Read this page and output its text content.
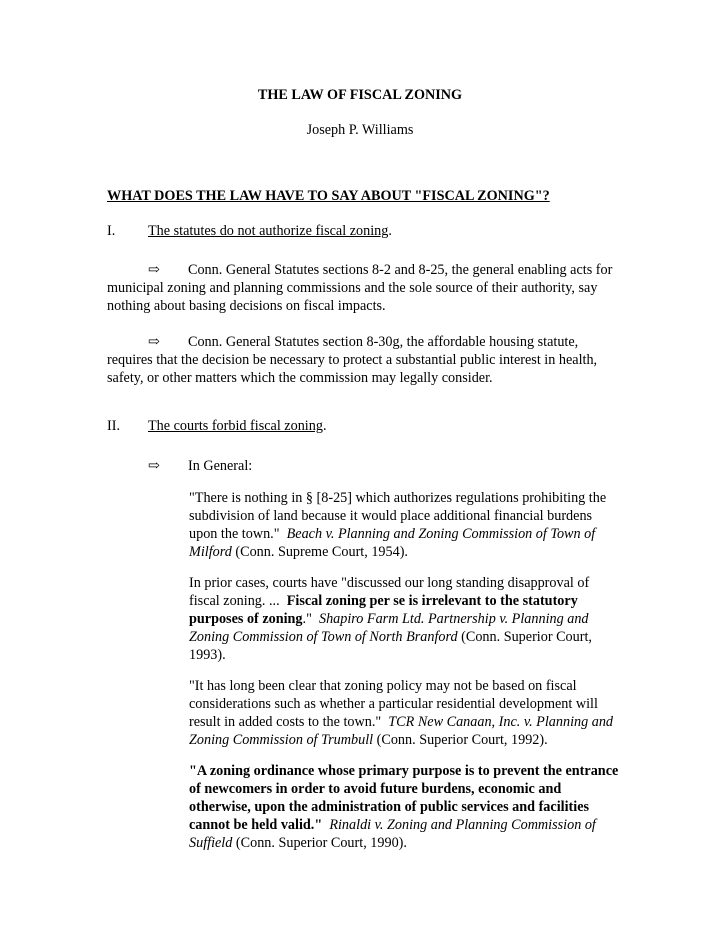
THE LAW OF FISCAL ZONING
Joseph P. Williams
WHAT DOES THE LAW HAVE TO SAY ABOUT "FISCAL ZONING"?
I. The statutes do not authorize fiscal zoning.
⇨ Conn. General Statutes sections 8-2 and 8-25, the general enabling acts for municipal zoning and planning commissions and the sole source of their authority, say nothing about basing decisions on fiscal impacts.
⇨ Conn. General Statutes section 8-30g, the affordable housing statute, requires that the decision be necessary to protect a substantial public interest in health, safety, or other matters which the commission may legally consider.
II. The courts forbid fiscal zoning.
⇨ In General:
"There is nothing in § [8-25] which authorizes regulations prohibiting the subdivision of land because it would place additional financial burdens upon the town." Beach v. Planning and Zoning Commission of Town of Milford (Conn. Supreme Court, 1954).
In prior cases, courts have "discussed our long standing disapproval of fiscal zoning. ... Fiscal zoning per se is irrelevant to the statutory purposes of zoning." Shapiro Farm Ltd. Partnership v. Planning and Zoning Commission of Town of North Branford (Conn. Superior Court, 1993).
"It has long been clear that zoning policy may not be based on fiscal considerations such as whether a particular residential development will result in added costs to the town." TCR New Canaan, Inc. v. Planning and Zoning Commission of Trumbull (Conn. Superior Court, 1992).
"A zoning ordinance whose primary purpose is to prevent the entrance of newcomers in order to avoid future burdens, economic and otherwise, upon the administration of public services and facilities cannot be held valid." Rinaldi v. Zoning and Planning Commission of Suffield (Conn. Superior Court, 1990).
